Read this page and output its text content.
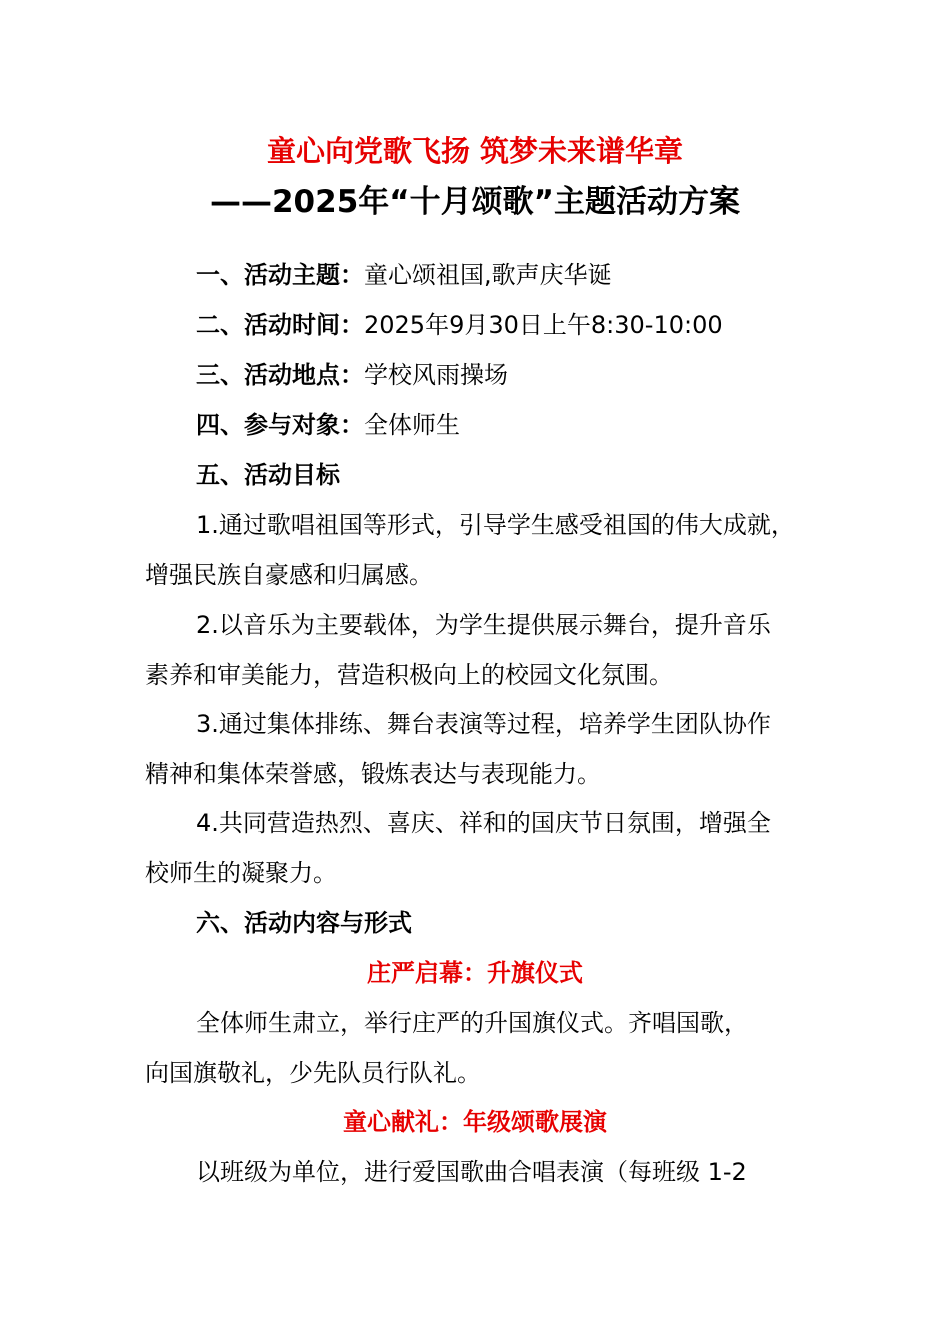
童心向党歌飞扬 筑梦未来谱华章
——2025年“十月颂歌”主题活动方案
一、活动主题：童心颂祖国,歌声庆华诞
二、活动时间：2025年9月30日上午8:30-10:00
三、活动地点：学校风雨操场
四、参与对象：全体师生
五、活动目标
1.通过歌唱祖国等形式，引导学生感受祖国的伟大成就，
增强民族自豪感和归属感。
2.以音乐为主要载体，为学生提供展示舞台，提升音乐
素养和审美能力，营造积极向上的校园文化氛围。
3.通过集体排练、舞台表演等过程，培养学生团队协作
精神和集体荣誉感，锻炼表达与表现能力。
4.共同营造热烈、喜庆、祥和的国庆节日氛围，增强全
校师生的凝聚力。
六、活动内容与形式
庄严启幕：升旗仪式
全体师生肃立，举行庄严的升国旗仪式。齐唱国歌，
向国旗敬礼，少先队员行队礼。
童心献礼：年级颂歌展演
以班级为单位，进行爱国歌曲合唱表演（每班级 1-2
